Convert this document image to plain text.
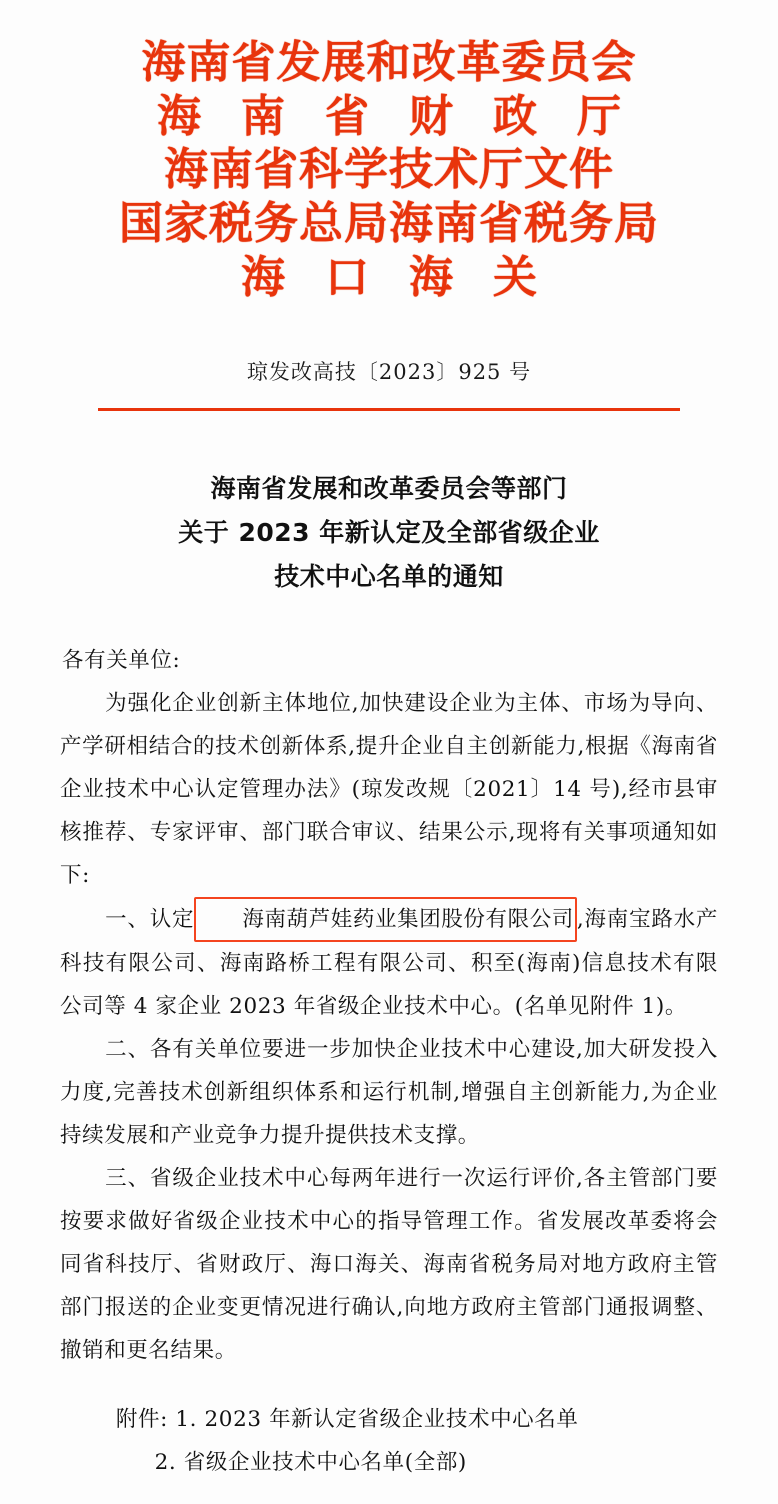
海南省发展和改革委员会
海南省财政厅
海南省科学技术厅文件
国家税务总局海南省税务局
海口海关
琼发改高技〔2023〕925 号
海南省发展和改革委员会等部门
关于 2023 年新认定及全部省级企业
技术中心名单的通知

各有关单位:

为强化企业创新主体地位,加快建设企业为主体、市场为导向、产学研相结合的技术创新体系,提升企业自主创新能力,根据《海南省企业技术中心认定管理办法》(琼发改规〔2021〕14 号),经市县审核推荐、专家评审、部门联合审议、结果公示,现将有关事项通知如下:

一、认定 海南葫芦娃药业集团股份有限公司 ,海南宝路水产科技有限公司、海南路桥工程有限公司、积至(海南)信息技术有限公司等 4 家企业 2023 年省级企业技术中心。(名单见附件 1)。

二、各有关单位要进一步加快企业技术中心建设,加大研发投入力度,完善技术创新组织体系和运行机制,增强自主创新能力,为企业持续发展和产业竞争力提升提供技术支撑。

三、省级企业技术中心每两年进行一次运行评价,各主管部门要按要求做好省级企业技术中心的指导管理工作。省发展改革委将会同省科技厅、省财政厅、海口海关、海南省税务局对地方政府主管部门报送的企业变更情况进行确认,向地方政府主管部门通报调整、撤销和更名结果。

附件: 1. 2023 年新认定省级企业技术中心名单

2. 省级企业技术中心名单(全部)
